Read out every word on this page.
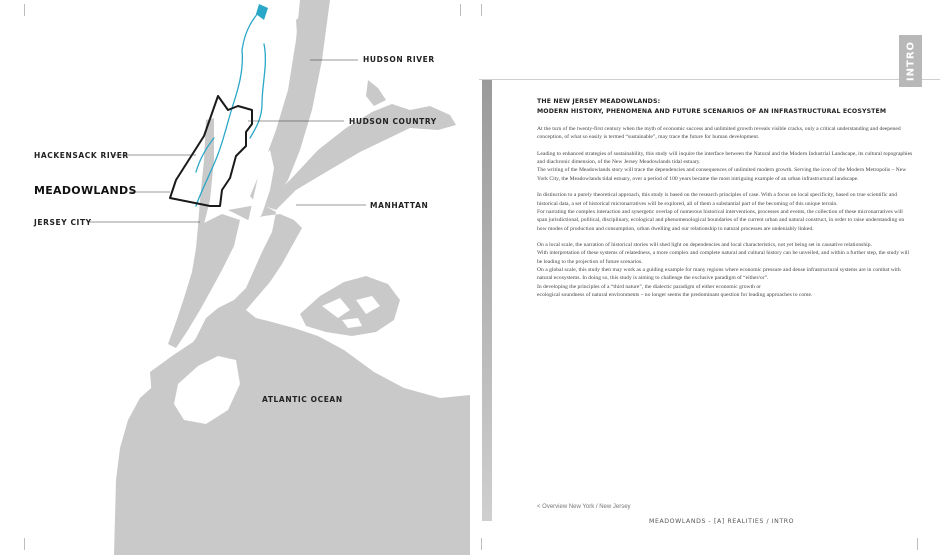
HUDSON RIVER
HUDSON COUNTRY
HACKENSACK RIVER
MEADOWLANDS
MANHATTAN
JERSEY CITY
NEW YORK
NEW JERSEY
ATLANTIC OCEAN
INTRO
THE NEW JERSEY MEADOWLANDS:
MODERN HISTORY, PHENOMENA AND FUTURE SCENARIOS OF AN INFRASTRUCTURAL ECOSYSTEM

At the turn of the twenty-first century when the myth of economic success and unlimited growth reveals visible cracks, only a critical understanding and deepened conception, of what so easily is termed “sustainable”, may trace the future for human development.

Leading to enhanced strategies of sustainability, this study will inquire the interface between the Natural and the Modern Industrial Landscape, its cultural topographies and diachronic dimension, of the New Jersey Meadowlands tidal estuary.

The writing of the Meadowlands story will trace the dependencies and consequences of unlimited modern growth. Serving the icon of the Modern Metropolis – New York City, the Meadowlands tidal estuary, over a period of 100 years became the most intriguing example of an urban infrastructural landscape.

In distinction to a purely theoretical approach, this study is based on the research principles of case. With a focus on local specificity, based on true scientific and historical data, a set of historical micronarratives will be explored, all of them a substantial part of the becoming of this unique terrain.

For narrating the complex interaction and synergetic overlap of numerous historical interventions, processes and events, the collection of these micronarratives will span jurisdictional, political, disciplinary, ecological and phenomenological boundaries of the current urban and natural construct, in order to raise understanding on how modes of production and consumption, urban dwelling and our relationship to natural processes are undeniably linked.

On a local scale, the narration of historical stories will shed light on dependencies and local characteristics, not yet being set in causative relationship.

With interpretation of these systems of relatedness, a more complex and complete natural and cultural history can be unveiled, and within a further step, the study will be leading to the projection of future scenarios.

On a global scale, this study then may work as a guiding example for many regions where economic pressure and dense infrastructural systems are in combat with natural ecosystems. In doing so, this study is aiming to challenge the exclusive paradigm of “either/or”.

In developing the principles of a “third nature”, the dialectic paradigm of either economic growth or

ecological soundness of natural environments – no longer seems the predominant question for leading approaches to come.

< Overview New York / New Jersey
MEADOWLANDS - [A] REALITIES / INTRO
